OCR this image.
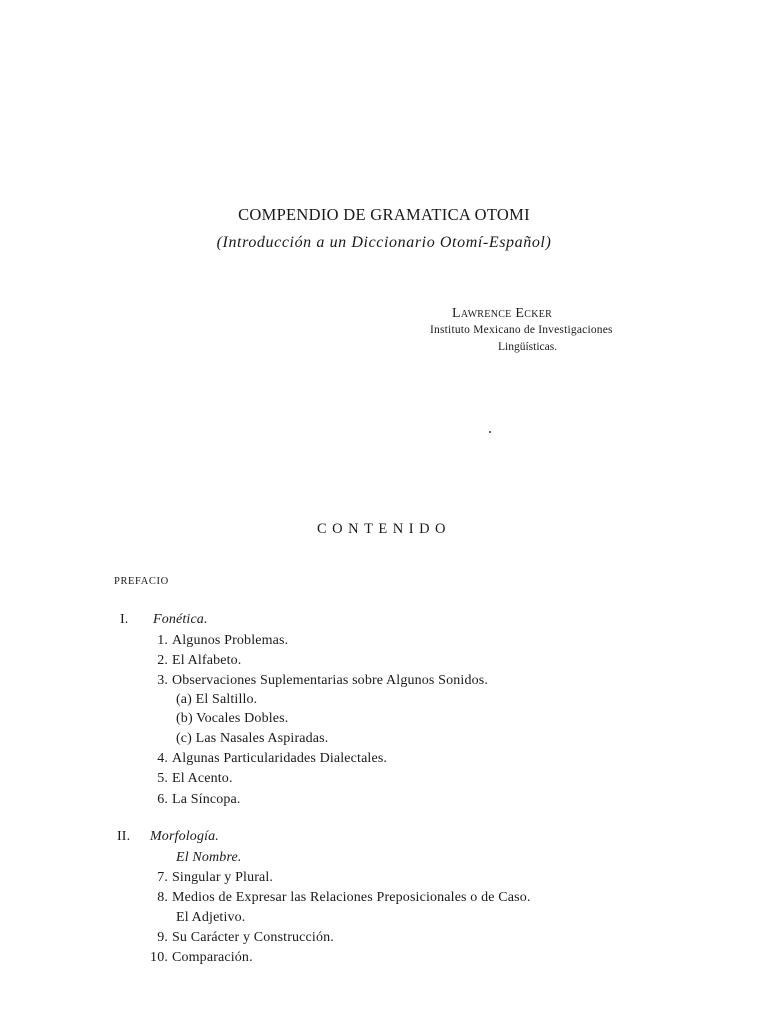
COMPENDIO DE GRAMATICA OTOMI
(Introducción a un Diccionario Otomí-Español)
Lawrence Ecker
Instituto Mexicano de Investigaciones
Lingüísticas.
CONTENIDO
PREFACIO
I. Fonética.
1. Algunos Problemas.
2. El Alfabeto.
3. Observaciones Suplementarias sobre Algunos Sonidos.
(a) El Saltillo.
(b) Vocales Dobles.
(c) Las Nasales Aspiradas.
4. Algunas Particularidades Dialectales.
5. El Acento.
6. La Síncopa.
II. Morfología.
El Nombre.
7. Singular y Plural.
8. Medios de Expresar las Relaciones Preposicionales o de Caso.
El Adjetivo.
9. Su Carácter y Construcción.
10. Comparación.
